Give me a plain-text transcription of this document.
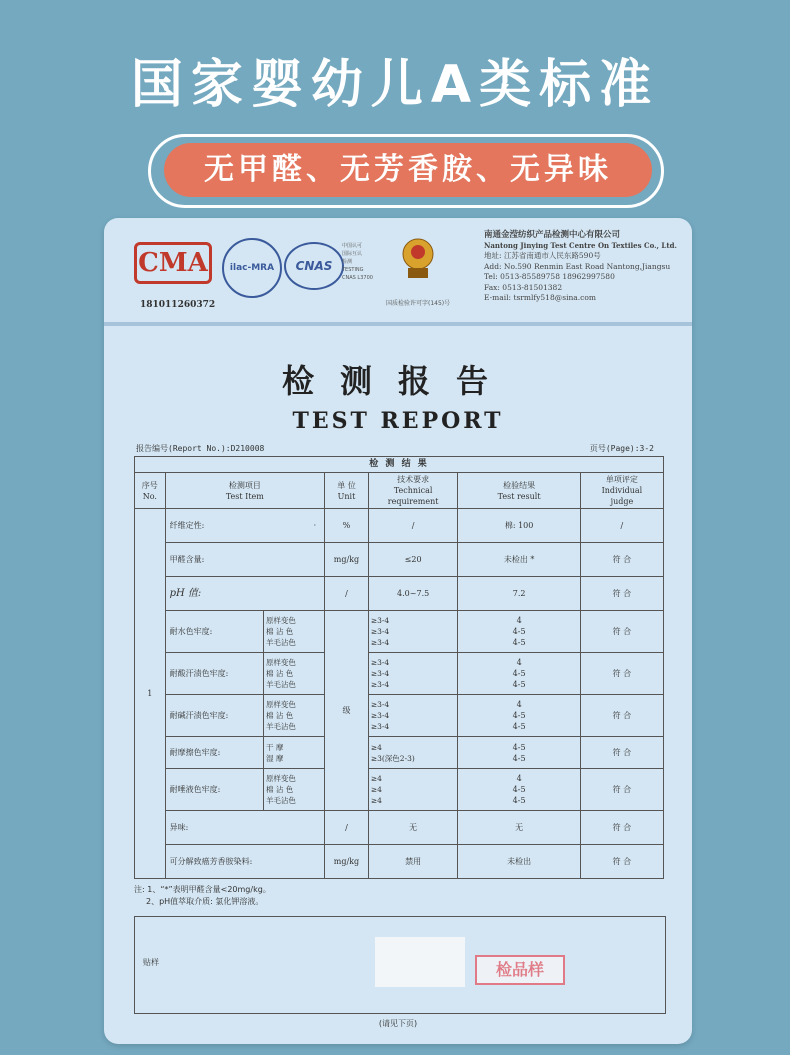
国家婴幼儿A类标准
无甲醛、无芳香胺、无异味
CMA	ilac-MRA	CNAS
中国认可
国际互认
检测
TESTING
CNAS L3700
181011260372	国质检验许可字(145)号
南通金滢纺织产品检测中心有限公司
Nantong Jinying Test Centre On Textiles Co., Ltd.
地址: 江苏省南通市人民东路590号
Add: No.590 Renmin East Road Nantong,Jiangsu
Tel: 0513-85589758 18962997580
Fax: 0513-81501382
E-mail: tsrmlfy518@sina.com
检测报告
TEST REPORT
报告编号(Report No.):D210008	页号(Page):3-2
检 测 结 果						
序号
No.	检测项目
Test Item		单 位
Unit	技术要求
Technical
requirement	检验结果
Test result	单项评定
Individual
judge
1	纤维定性: ·		%	/	棉: 100	/
	甲醛含量:		mg/kg	≤20	未检出 *	符 合
	pH 值:		/	4.0~7.5	7.2	符 合
	耐水色牢度:	原样变色
棉 沾 色
羊毛沾色	级	≥3-4
≥3-4
≥3-4	4
4-5
4-5	符 合
	耐酸汗渍色牢度:	原样变色
棉 沾 色
羊毛沾色		≥3-4
≥3-4
≥3-4	4
4-5
4-5	符 合
	耐碱汗渍色牢度:	原样变色
棉 沾 色
羊毛沾色		≥3-4
≥3-4
≥3-4	4
4-5
4-5	符 合
	耐摩擦色牢度:	干 摩
湿 摩		≥4
≥3(深色2-3)	4-5
4-5	符 合
	耐唾液色牢度:	原样变色
棉 沾 色
羊毛沾色		≥4
≥4
≥4	4
4-5
4-5	符 合
	异味:		/	无	无	符 合
	可分解致癌芳香胺染料:		mg/kg	禁用	未检出	符 合
注: 1、“*”表明甲醛含量<20mg/kg。
2、pH值萃取介质: 氯化钾溶液。
贴样	检品样
(请见下页)
